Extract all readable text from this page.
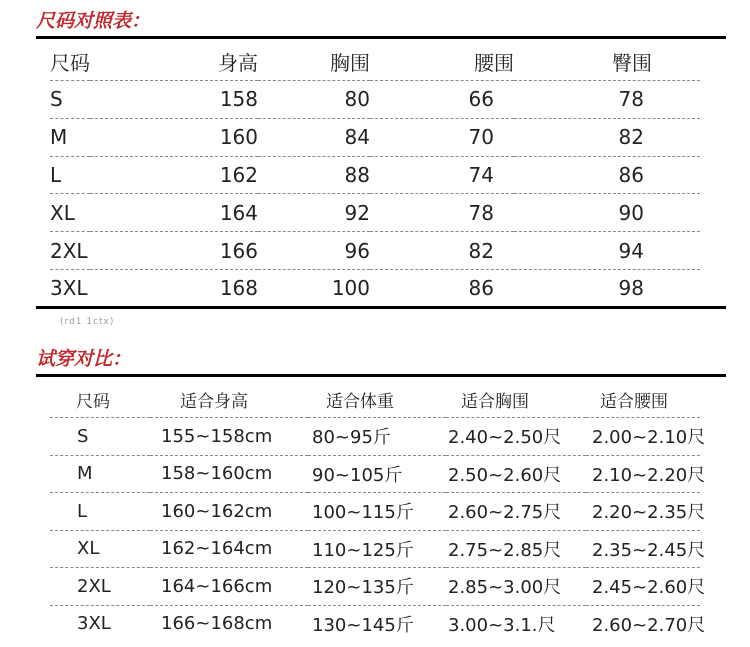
尺码对照表：
尺码	身高	胸围	腰围	臀围
S	158	80	66	78
M	160	84	70	82
L	162	88	74	86
XL	164	92	78	90
2XL	166	96	82	94
3XL	168	100	86	98
(rd1 1ctx)
试穿对比：
尺码	适合身高	适合体重	适合胸围	适合腰围
S	155~158cm	80~95斤	2.40~2.50尺	2.00~2.10尺
M	158~160cm	90~105斤	2.50~2.60尺	2.10~2.20尺
L	160~162cm	100~115斤	2.60~2.75尺	2.20~2.35尺
XL	162~164cm	110~125斤	2.75~2.85尺	2.35~2.45尺
2XL	164~166cm	120~135斤	2.85~3.00尺	2.45~2.60尺
3XL	166~168cm	130~145斤	3.00~3.1.尺	2.60~2.70尺
